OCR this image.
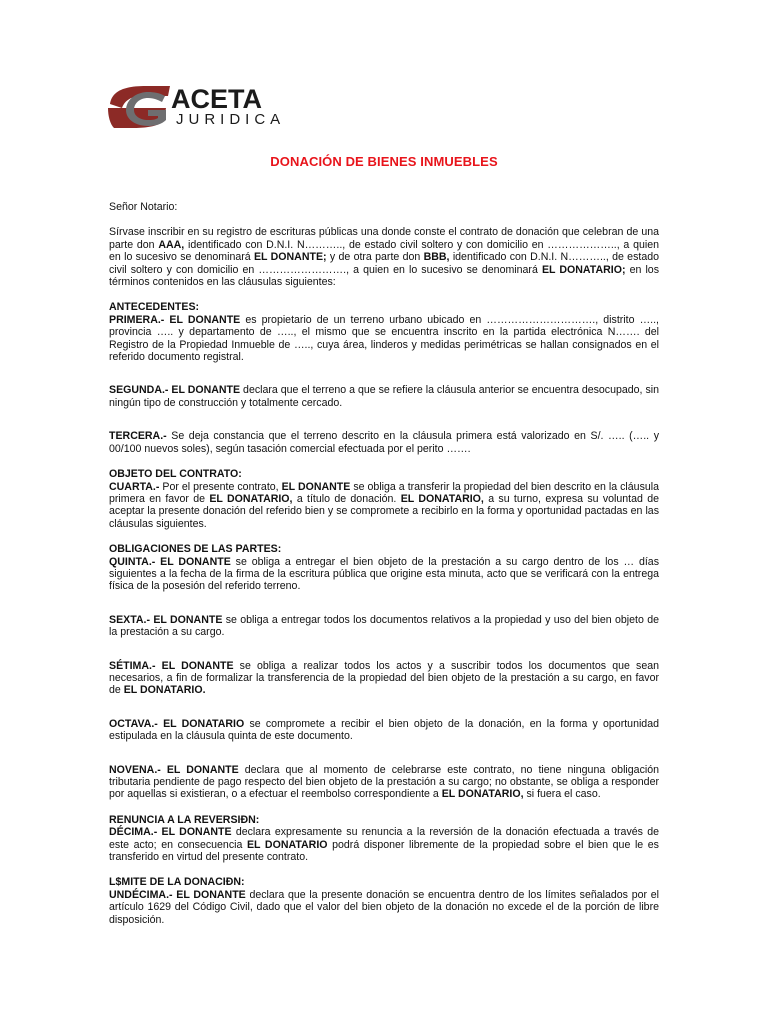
ACETA
JURIDICA
DONACIÓN DE BIENES INMUEBLES

Señor Notario:

Sírvase inscribir en su registro de escrituras públicas una donde conste el contrato de donación que celebran de una parte don AAA, identificado con D.N.I. N……….., de estado civil soltero y con domicilio en ……………….., a quien en lo sucesivo se denominará EL DONANTE; y de otra parte don BBB, identificado con D.N.I. N……….., de estado civil soltero y con domicilio en ……………………., a quien en lo sucesivo se denominará EL DONATARIO; en los términos contenidos en las cláusulas siguientes:

ANTECEDENTES:

PRIMERA.- EL DONANTE es propietario de un terreno urbano ubicado en …………………………., distrito ….., provincia ….. y departamento de ….., el mismo que se encuentra inscrito en la partida electrónica N……. del Registro de la Propiedad Inmueble de ….., cuya área, linderos y medidas perimétricas se hallan consignados en el referido documento registral.

SEGUNDA.- EL DONANTE declara que el terreno a que se refiere la cláusula anterior se encuentra desocupado, sin ningún tipo de construcción y totalmente cercado.

TERCERA.- Se deja constancia que el terreno descrito en la cláusula primera está valorizado en S/. ….. (….. y 00/100 nuevos soles), según tasación comercial efectuada por el perito …….

OBJETO DEL CONTRATO:

CUARTA.- Por el presente contrato, EL DONANTE se obliga a transferir la propiedad del bien descrito en la cláusula primera en favor de EL DONATARIO, a título de donación. EL DONATARIO, a su turno, expresa su voluntad de aceptar la presente donación del referido bien y se compromete a recibirlo en la forma y oportunidad pactadas en las cláusulas siguientes.

OBLIGACIONES DE LAS PARTES:

QUINTA.- EL DONANTE se obliga a entregar el bien objeto de la prestación a su cargo dentro de los … días siguientes a la fecha de la firma de la escritura pública que origine esta minuta, acto que se verificará con la entrega física de la posesión del referido terreno.

SEXTA.- EL DONANTE se obliga a entregar todos los documentos relativos a la propiedad y uso del bien objeto de la prestación a su cargo.

SÉTIMA.- EL DONANTE se obliga a realizar todos los actos y a suscribir todos los documentos que sean necesarios, a fin de formalizar la transferencia de la propiedad del bien objeto de la prestación a su cargo, en favor de EL DONATARIO.

OCTAVA.- EL DONATARIO se compromete a recibir el bien objeto de la donación, en la forma y oportunidad estipulada en la cláusula quinta de este documento.

NOVENA.- EL DONANTE declara que al momento de celebrarse este contrato, no tiene ninguna obligación tributaria pendiente de pago respecto del bien objeto de la prestación a su cargo; no obstante, se obliga a responder por aquellas si existieran, o a efectuar el reembolso correspondiente a EL DONATARIO, si fuera el caso.

RENUNCIA A LA REVERSIÐN:

DÉCIMA.- EL DONANTE declara expresamente su renuncia a la reversión de la donación efectuada a través de este acto; en consecuencia EL DONATARIO podrá disponer libremente de la propiedad sobre el bien que le es transferido en virtud del presente contrato.

L$MITE DE LA DONACIÐN:

UNDÉCIMA.- EL DONANTE declara que la presente donación se encuentra dentro de los límites señalados por el artículo 1629 del Código Civil, dado que el valor del bien objeto de la donación no excede el de la porción de libre disposición.
